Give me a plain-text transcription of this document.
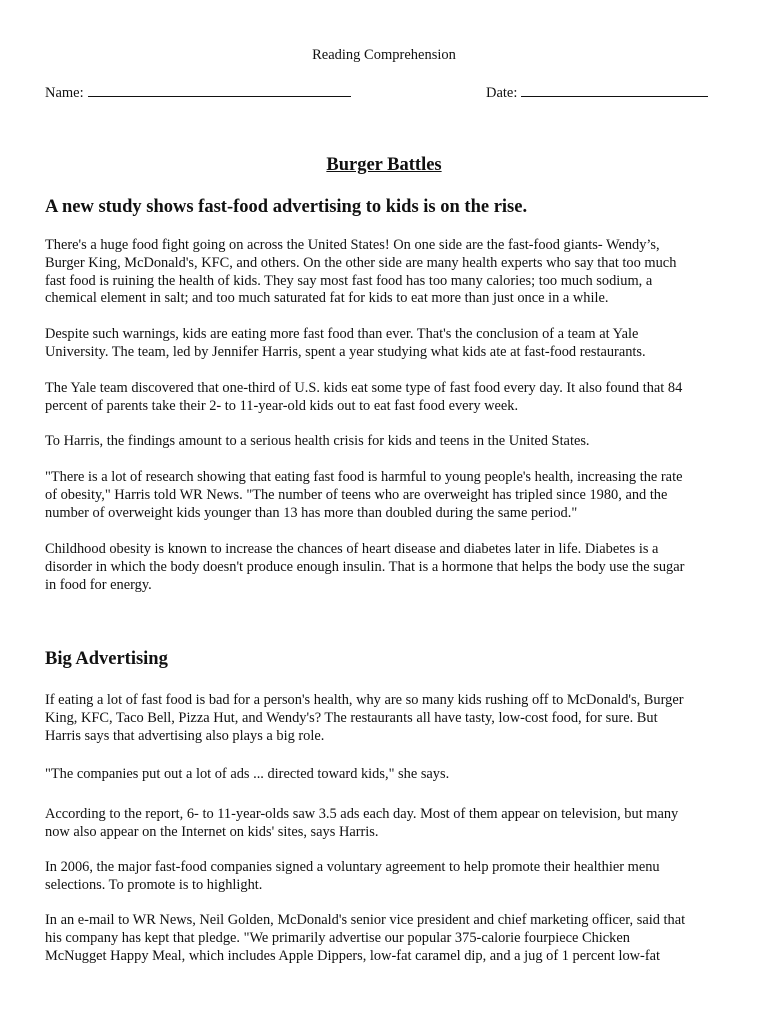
Reading Comprehension
Name:	Date:
Burger Battles
A new study shows fast-food advertising to kids is on the rise.

There's a huge food fight going on across the United States! On one side are the fast-food giants- Wendy’s,
Burger King, McDonald's, KFC, and others. On the other side are many health experts who say that too much
fast food is ruining the health of kids. They say most fast food has too many calories; too much sodium, a
chemical element in salt; and too much saturated fat for kids to eat more than just once in a while.

Despite such warnings, kids are eating more fast food than ever. That's the conclusion of a team at Yale
University. The team, led by Jennifer Harris, spent a year studying what kids ate at fast-food restaurants.

The Yale team discovered that one-third of U.S. kids eat some type of fast food every day. It also found that 84
percent of parents take their 2- to 11-year-old kids out to eat fast food every week.

To Harris, the findings amount to a serious health crisis for kids and teens in the United States.

"There is a lot of research showing that eating fast food is harmful to young people's health, increasing the rate
of obesity," Harris told WR News. "The number of teens who are overweight has tripled since 1980, and the
number of overweight kids younger than 13 has more than doubled during the same period."

Childhood obesity is known to increase the chances of heart disease and diabetes later in life. Diabetes is a
disorder in which the body doesn't produce enough insulin. That is a hormone that helps the body use the sugar
in food for energy.

Big Advertising

If eating a lot of fast food is bad for a person's health, why are so many kids rushing off to McDonald's, Burger
King, KFC, Taco Bell, Pizza Hut, and Wendy's? The restaurants all have tasty, low-cost food, for sure. But
Harris says that advertising also plays a big role.

"The companies put out a lot of ads ... directed toward kids," she says.

According to the report, 6- to 11-year-olds saw 3.5 ads each day. Most of them appear on television, but many
now also appear on the Internet on kids' sites, says Harris.

In 2006, the major fast-food companies signed a voluntary agreement to help promote their healthier menu
selections. To promote is to highlight.

In an e-mail to WR News, Neil Golden, McDonald's senior vice president and chief marketing officer, said that
his company has kept that pledge. "We primarily advertise our popular 375-calorie fourpiece Chicken
McNugget Happy Meal, which includes Apple Dippers, low-fat caramel dip, and a jug of 1 percent low-fat
